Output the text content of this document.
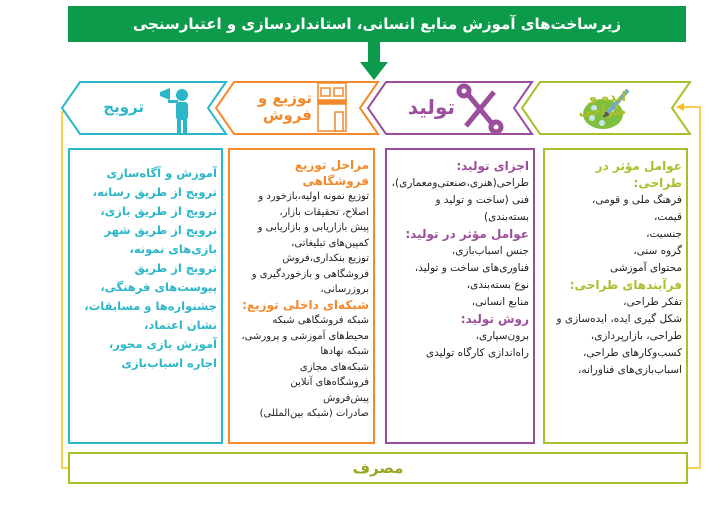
زیرساخت‌های آموزش منابع انسانی، استانداردسازی و اعتبارسنجی
ایده و طراحی
تولید
توزیع و فروش
ترویج
عوامل مؤثر در طراحی:
فرهنگ ملی و قومی،
قیمت،
جنسیت،
گروه سنی،
محتوای آموزشی
فرآیندهای طراحی:
تفکر طراحی،
شکل گیری ایده، ایده‌سازی و طراحی، بازارپردازی،
کسب‌وکارهای طراحی،
اسباب‌بازی‌های فناورانه،
اجزای تولید:
طراحی(هنری،صنعتی‌ومعماری)،
فنی (ساخت و تولید و بسته‌بندی)
عوامل مؤثر در تولید:
جنس اسباب‌بازی،
فناوری‌های ساخت و تولید،
نوع بسته‌بندی،
منابع انسانی،
روش تولید:
برون‌سپاری،
راه‌اندازی کارگاه تولیدی
مراحل توزیع فروشگاهی
توزیع نمونه اولیه،بازخورد و اصلاح، تحقیقات بازار،
پیش بازاریابی و بازاریابی و کمپین‌های تبلیغاتی،
توزیع بنکداری،فروش فروشگاهی و بازخوردگیری و بروزرسانی،
شبکه‌ای داخلی توزیع:
شبکه فروشگاهی شبکه محیط‌های آموزشی و پرورشی،
شبکه نهادها
شبکه‌های مجازی
فروشگاه‌های آنلاین
پیش‌فروش
صادرات (شبکه بین‌المللی)
آموزش و آگاه‌سازی
ترویج از طریق رسانه،
ترویج از طریق بازی،
ترویج از طریق شهر بازی‌های نمونه،
ترویج از طریق پیوست‌های فرهنگی،
جشنواره‌ها و مسابقات،
نشان اعتماد،
آموزش بازی محور،
اجاره اسباب‌بازی
مصرف
